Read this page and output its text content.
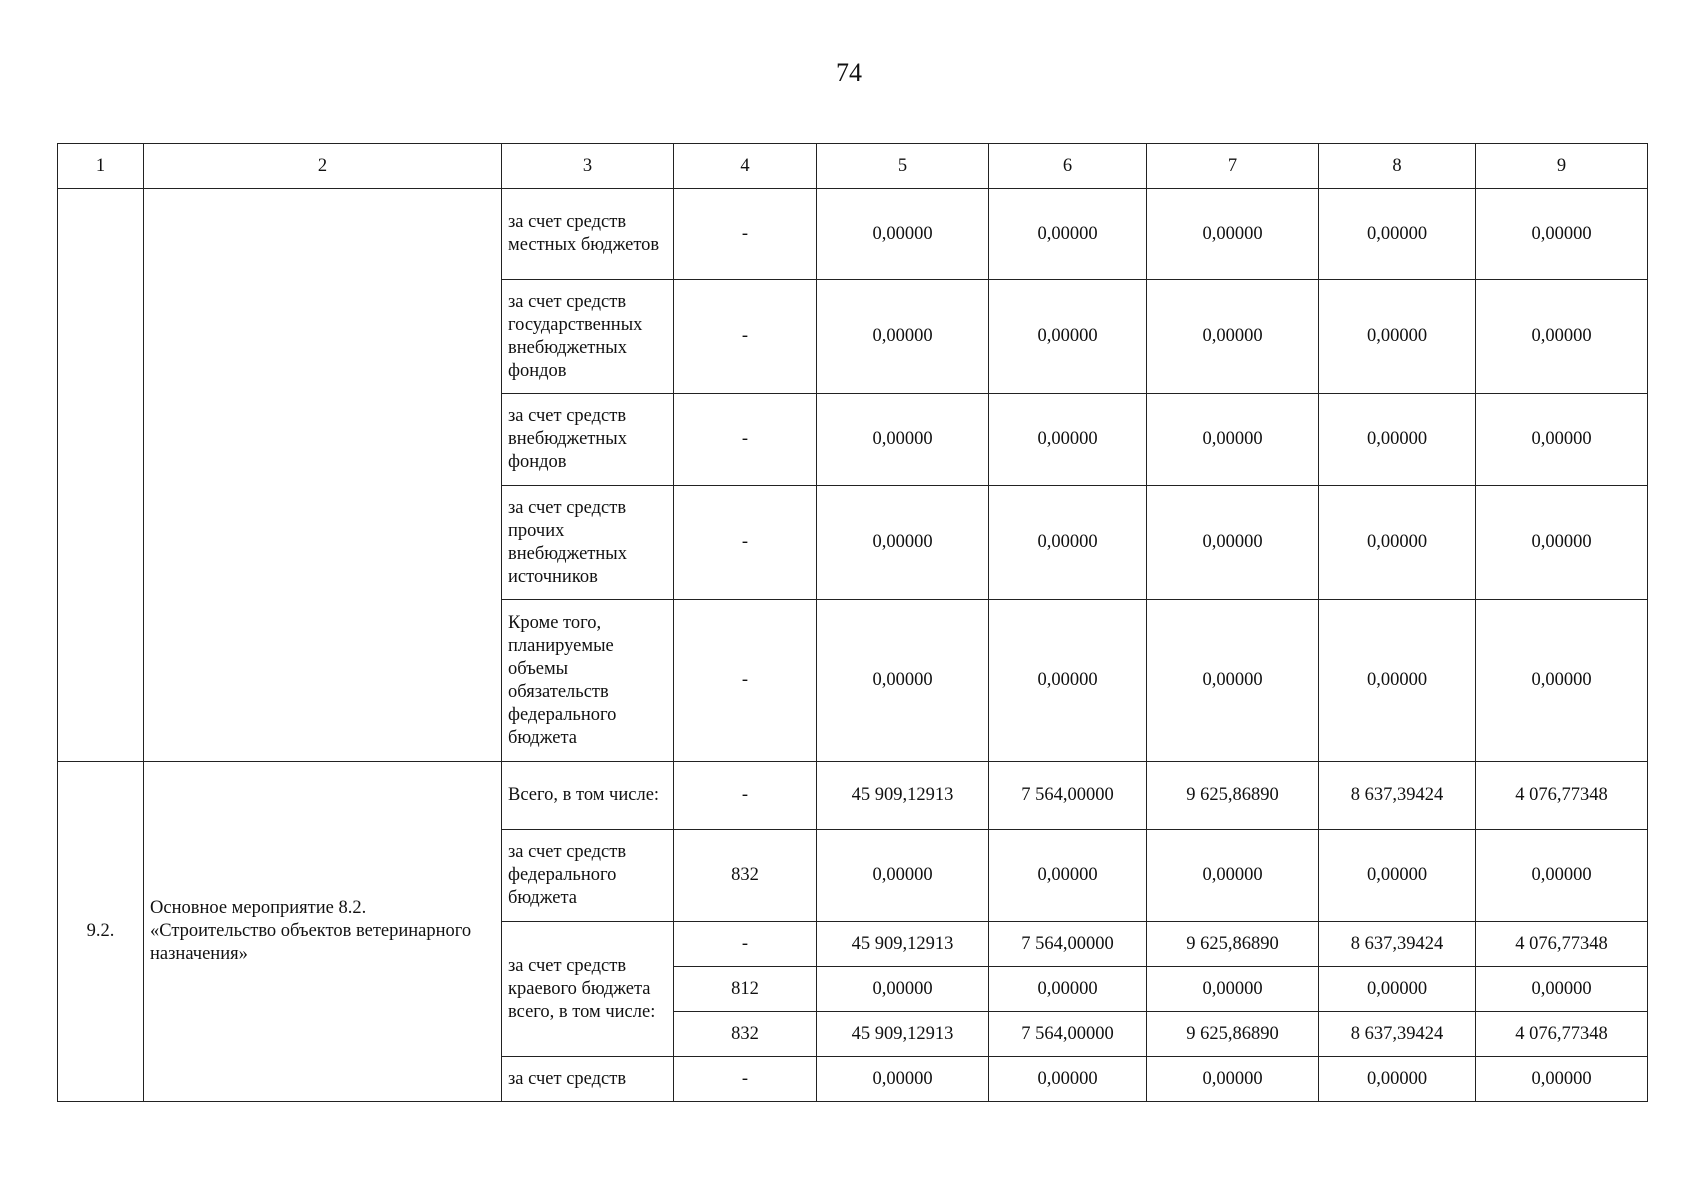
74
1	2	3	4	5	6	7	8	9
		за счет средств местных бюджетов	-	0,00000	0,00000	0,00000	0,00000	0,00000
		за счет средств государственных внебюджетных фондов	-	0,00000	0,00000	0,00000	0,00000	0,00000
		за счет средств внебюджетных фондов	-	0,00000	0,00000	0,00000	0,00000	0,00000
		за счет средств прочих внебюджетных источников	-	0,00000	0,00000	0,00000	0,00000	0,00000
		Кроме того, планируемые объемы обязательств федерального бюджета	-	0,00000	0,00000	0,00000	0,00000	0,00000
9.2.	Основное мероприятие 8.2. «Строительство объектов ветеринарного назначения»	Всего, в том числе:	-	45 909,12913	7 564,00000	9 625,86890	8 637,39424	4 076,77348
		за счет средств федерального бюджета	832	0,00000	0,00000	0,00000	0,00000	0,00000
		за счет средств краевого бюджета всего, в том числе:	-	45 909,12913	7 564,00000	9 625,86890	8 637,39424	4 076,77348
			812	0,00000	0,00000	0,00000	0,00000	0,00000
			832	45 909,12913	7 564,00000	9 625,86890	8 637,39424	4 076,77348
		за счет средств	-	0,00000	0,00000	0,00000	0,00000	0,00000
